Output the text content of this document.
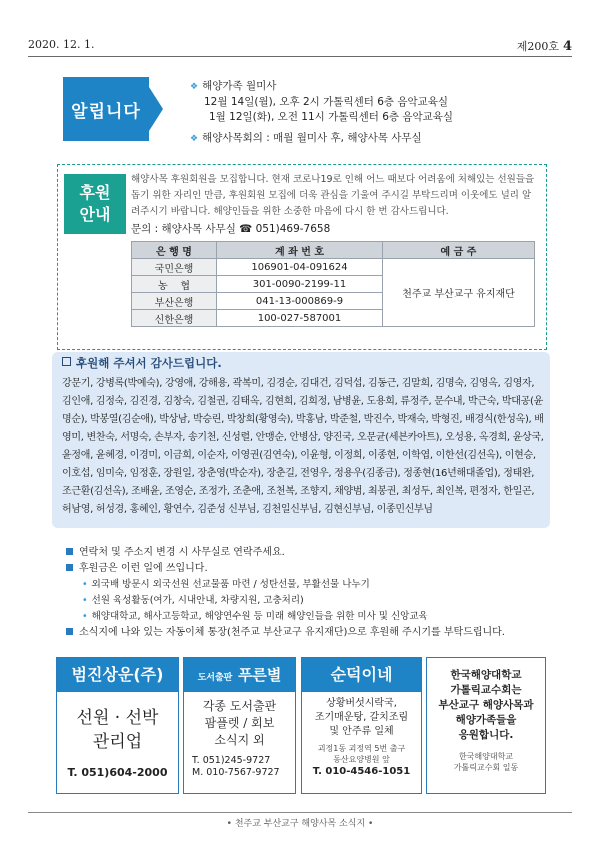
2020. 12. 1.	제200호 4
알립니다
❖ 해양가족 월미사
12월 14일(월), 오후 2시 가톨릭센터 6층 음악교육실
1월 12일(화), 오전 11시 가톨릭센터 6층 음악교육실
❖ 해양사목회의 : 매월 월미사 후, 해양사목 사무실
후원
안내
해양사목 후원회원을 모집합니다. 현재 코로나19로 인해 어느 때보다 어려움에 처해있는 선원들을 돕기 위한 자리인 만큼, 후원회원 모집에 더욱 관심을 기울여 주시길 부탁드리며 이웃에도 널리 알려주시기 바랍니다. 해양인들을 위한 소중한 마음에 다시 한 번 감사드립니다.
문의 : 해양사목 사무실 ☎ 051)469-7658
은 행 명	계 좌 번 호	예 금 주
국민은행	106901-04-091624	천주교 부산교구 유지재단
농    협	301-0090-2199-11	
부산은행	041-13-000869-9	
신한은행	100-027-587001	
후원해 주셔서 감사드립니다.
강문기, 강병록(박예숙), 강영애, 강해용, 곽복미, 김경순, 김대건, 김덕섭, 김동근, 김말희, 김명숙, 김영옥, 김영자, 김인애, 김정숙, 김진경, 김창숙, 김철권, 김태옥, 김현희, 김희정, 남병윤, 도용희, 류정주, 문수내, 박근숙, 박대공(윤명순), 박봉열(김순애), 박상남, 박승린, 박창희(황영숙), 박홍남, 박준철, 박진수, 박재숙, 박형진, 배경식(한성옥), 배영미, 변찬숙, 서명숙, 손부자, 송기천, 신성렬, 안맹순, 안병삼, 양진국, 오문균(세븐카아트), 오성용, 옥경희, 윤상국, 윤정애, 윤혜경, 이경미, 이금희, 이순자, 이영권(김연숙), 이윤형, 이정희, 이종현, 이학엽, 이한선(김선옥), 이현승, 이호섭, 임미숙, 임정훈, 장원일, 장춘영(박순자), 장춘길, 전영우, 정용우(김종금), 정종현(16년해대졸업), 정태완, 조근환(김선옥), 조배윤, 조영순, 조정가, 조춘애, 조천복, 조향지, 채양범, 최봉권, 최성두, 최인복, 편정자, 한일곤, 허남영, 허성경, 홍혜인, 황연수, 김준성 신부님, 김천일신부님, 김현신부님, 이종민신부님
연락처 및 주소지 변경 시 사무실로 연락주세요.
후원금은 이런 일에 쓰입니다.
• 외국배 방문시 외국선원 선교물품 마련 / 성탄선물, 부활선물 나누기
• 선원 육성활동(여가, 시내안내, 차량지원, 고충처리)
• 해양대학교, 해사고등학교, 해양연수원 등 미래 해양인들을 위한 미사 및 신앙교육
소식지에 나와 있는 자동이체 통장(천주교 부산교구 유지재단)으로 후원해 주시기를 부탁드립니다.
범진상운(주)
선원 · 선박
관리업
T. 051)604-2000
도서출판 푸른별
각종 도서출판
팜플렛 / 회보
소식지 외
T. 051)245-9727
M. 010-7567-9727
순덕이네
상황버섯시락국,
조기매운탕, 갈치조림
및 안주류 일체
괴정1동 괴정역 5번 출구
동산요양병원 앞
T. 010-4546-1051
한국해양대학교
가톨릭교수회는
부산교구 해양사목과
해양가족들을
응원합니다.
한국해양대학교
가톨릭교수회 일동
• 천주교 부산교구 해양사목 소식지 •
